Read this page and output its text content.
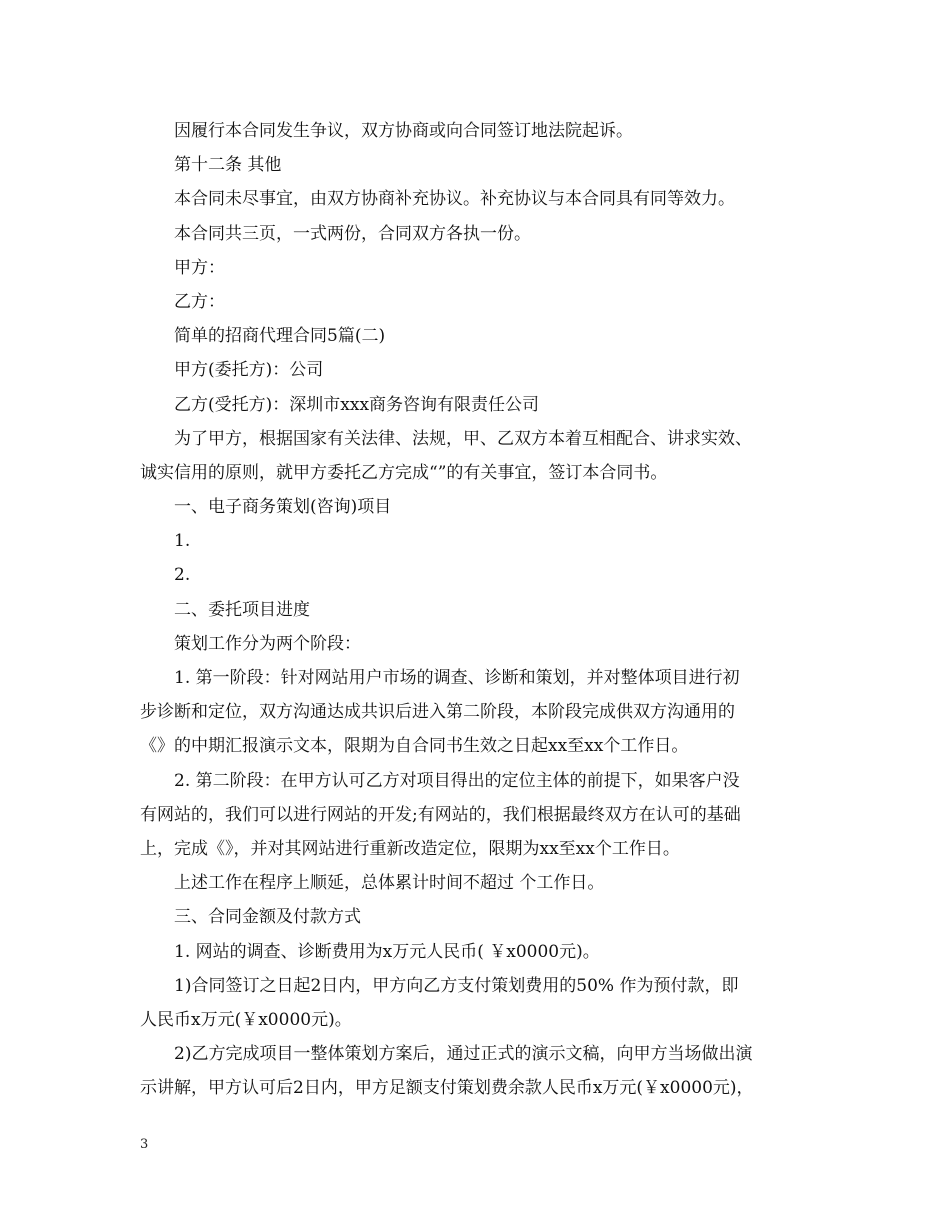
因履行本合同发生争议，双方协商或向合同签订地法院起诉。
第十二条 其他
本合同未尽事宜，由双方协商补充协议。补充协议与本合同具有同等效力。
本合同共三页，一式两份，合同双方各执一份。
甲方：
乙方：
简单的招商代理合同5篇(二)
甲方(委托方)：公司
乙方(受托方)：深圳市xxx商务咨询有限责任公司
为了甲方，根据国家有关法律、法规，甲、乙双方本着互相配合、讲求实效、
诚实信用的原则，就甲方委托乙方完成“”的有关事宜，签订本合同书。
一、电子商务策划(咨询)项目
1.
2.
二、委托项目进度
策划工作分为两个阶段：
1. 第一阶段：针对网站用户市场的调查、诊断和策划，并对整体项目进行初
步诊断和定位，双方沟通达成共识后进入第二阶段，本阶段完成供双方沟通用的
《》的中期汇报演示文本，限期为自合同书生效之日起xx至xx个工作日。
2. 第二阶段：在甲方认可乙方对项目得出的定位主体的前提下，如果客户没
有网站的，我们可以进行网站的开发;有网站的，我们根据最终双方在认可的基础
上，完成《》，并对其网站进行重新改造定位，限期为xx至xx个工作日。
上述工作在程序上顺延，总体累计时间不超过 个工作日。
三、合同金额及付款方式
1. 网站的调查、诊断费用为x万元人民币( ￥x0000元)。
1)合同签订之日起2日内，甲方向乙方支付策划费用的50% 作为预付款，即
人民币x万元(￥x0000元)。
2)乙方完成项目一整体策划方案后，通过正式的演示文稿，向甲方当场做出演
示讲解，甲方认可后2日内，甲方足额支付策划费余款人民币x万元(￥x0000元)，
3
